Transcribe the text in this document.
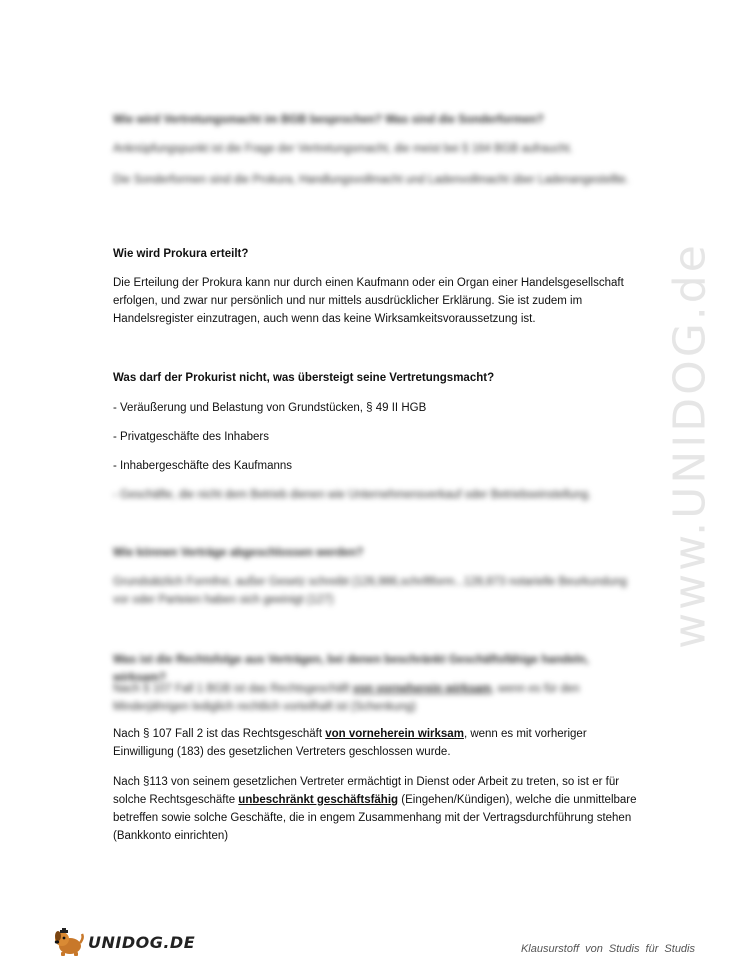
www.UNIDOG.de

Wie wird Vertretungsmacht im BGB besprochen? Was sind die Sonderformen?

Anknüpfungspunkt ist die Frage der Vertretungsmacht, die meist bei § 164 BGB aufraucht.

Die Sonderformen sind die Prokura, Handlungsvollmacht und Ladenvollmacht über Ladenangestellte.

Wie wird Prokura erteilt?

Die Erteilung der Prokura kann nur durch einen Kaufmann oder ein Organ einer Handelsgesellschaft erfolgen, und zwar nur persönlich und nur mittels ausdrücklicher Erklärung. Sie ist zudem im Handelsregister einzutragen, auch wenn das keine Wirksamkeitsvoraussetzung ist.

Was darf der Prokurist nicht, was übersteigt seine Vertretungsmacht?

- Veräußerung und Belastung von Grundstücken, § 49 II HGB

- Privatgeschäfte des Inhabers

- Inhabergeschäfte des Kaufmanns

- Geschäfte, die nicht dem Betrieb dienen wie Unternehmensverkauf oder Betriebseinstellung.

Wie können Verträge abgeschlossen werden?

Grundsätzlich Formfrei, außer Gesetz schreibt (126,986,schriftform...128,873 notarielle Beurkundung vor oder Parteien haben sich geeinigt (127)

Was ist die Rechtsfolge aus Verträgen, bei denen beschränkt Geschäftsfähige handeln, wirksam?

Nach § 107 Fall 1 BGB ist das Rechtsgeschäft von vorneherein wirksam, wenn es für den Minderjährigen lediglich rechtlich vorteilhaft ist (Schenkung)

Nach § 107 Fall 2 ist das Rechtsgeschäft von vorneherein wirksam, wenn es mit vorheriger Einwilligung (183) des gesetzlichen Vertreters geschlossen wurde.

Nach §113 von seinem gesetzlichen Vertreter ermächtigt in Dienst oder Arbeit zu treten, so ist er für solche Rechtsgeschäfte unbeschränkt geschäftsfähig (Eingehen/Kündigen), welche die unmittelbare betreffen sowie solche Geschäfte, die in engem Zusammenhang mit der Vertragsdurchführung stehen (Bankkonto einrichten)

UNIDOG.DE	Klausurstoff von Studis für Studis
